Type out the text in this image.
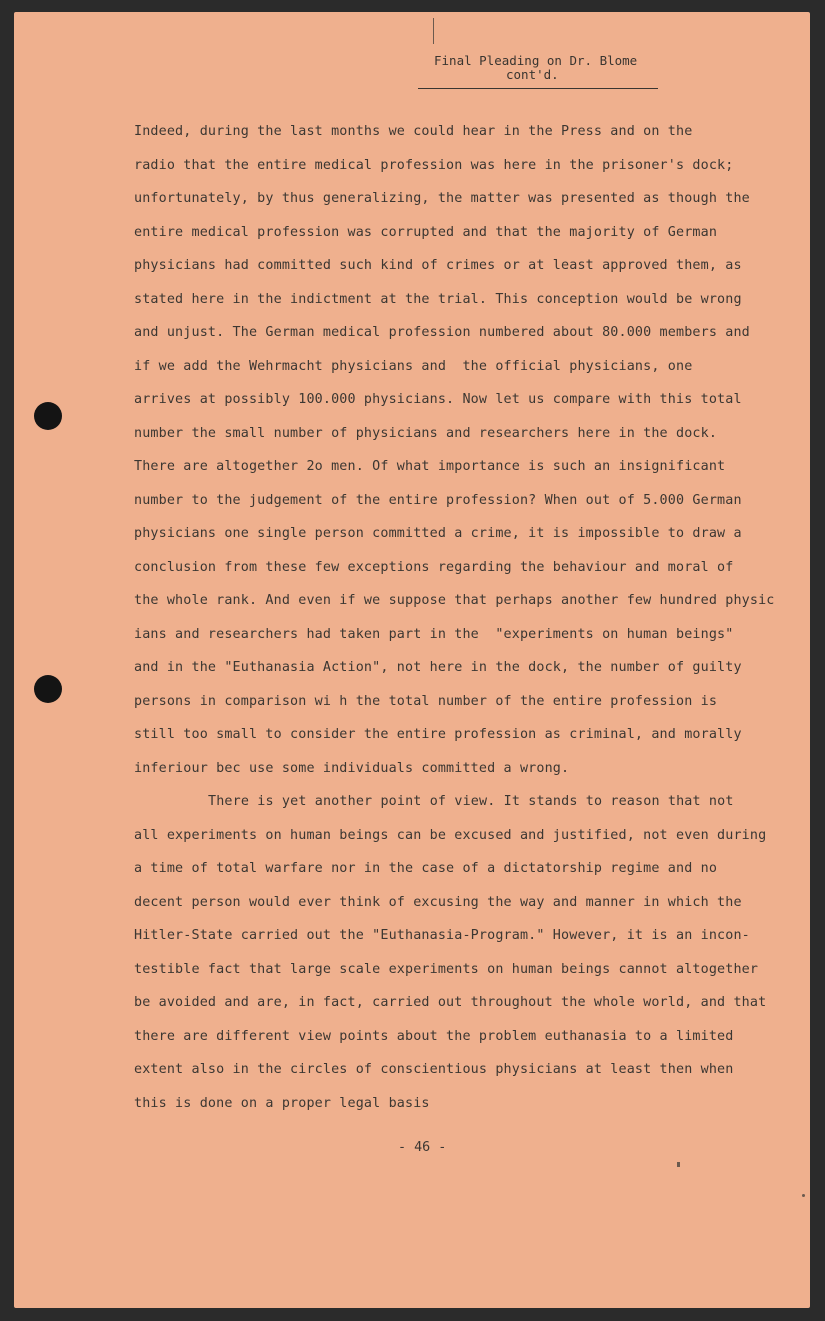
Final Pleading on Dr. Blome
cont'd.
Indeed, during the last months we could hear in the Press and on the
radio that the entire medical profession was here in the prisoner's dock;
unfortunately, by thus generalizing, the matter was presented as though the
entire medical profession was corrupted and that the majority of German
physicians had committed such kind of crimes or at least approved them, as
stated here in the indictment at the trial. This conception would be wrong
and unjust. The German medical profession numbered about 80.000 members and
if we add the Wehrmacht physicians and  the official physicians, one
arrives at possibly 100.000 physicians. Now let us compare with this total
number the small number of physicians and researchers here in the dock.
There are altogether 2o men. Of what importance is such an insignificant
number to the judgement of the entire profession? When out of 5.000 German
physicians one single person committed a crime, it is impossible to draw a
conclusion from these few exceptions regarding the behaviour and moral of
the whole rank. And even if we suppose that perhaps another few hundred physic
ians and researchers had taken part in the  "experiments on human beings"
and in the "Euthanasia Action", not here in the dock, the number of guilty
persons in comparison wi h the total number of the entire profession is
still too small to consider the entire profession as criminal, and morally
inferiour bec use some individuals committed a wrong.
There is yet another point of view. It stands to reason that not
all experiments on human beings can be excused and justified, not even during
a time of total warfare nor in the case of a dictatorship regime and no
decent person would ever think of excusing the way and manner in which the
Hitler-State carried out the "Euthanasia-Program." However, it is an incon-
testible fact that large scale experiments on human beings cannot altogether
be avoided and are, in fact, carried out throughout the whole world, and that
there are different view points about the problem euthanasia to a limited
extent also in the circles of conscientious physicians at least then when
this is done on a proper legal basis
- 46 -
